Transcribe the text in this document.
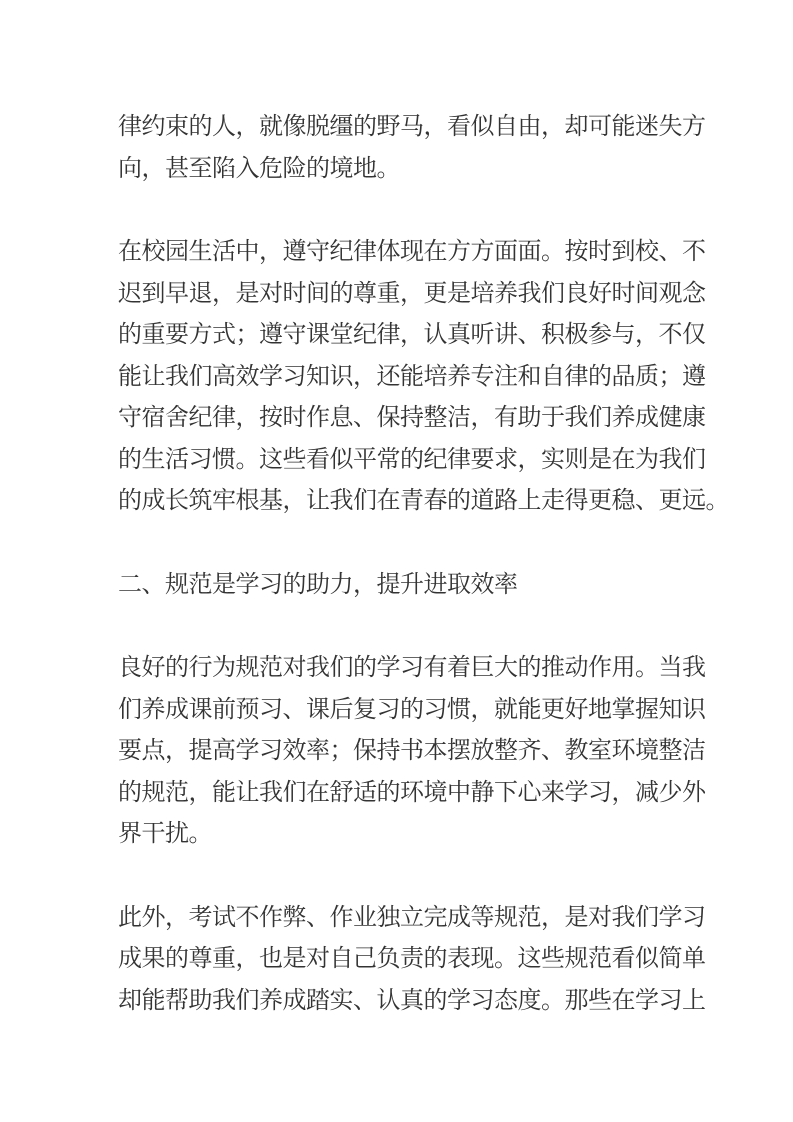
律约束的人，就像脱缰的野马，看似自由，却可能迷失方
向，甚至陷入危险的境地。
在校园生活中，遵守纪律体现在方方面面。按时到校、不
迟到早退，是对时间的尊重，更是培养我们良好时间观念
的重要方式；遵守课堂纪律，认真听讲、积极参与，不仅
能让我们高效学习知识，还能培养专注和自律的品质；遵
守宿舍纪律，按时作息、保持整洁，有助于我们养成健康
的生活习惯。这些看似平常的纪律要求，实则是在为我们
的成长筑牢根基，让我们在青春的道路上走得更稳、更远。
二、规范是学习的助力，提升进取效率
良好的行为规范对我们的学习有着巨大的推动作用。当我
们养成课前预习、课后复习的习惯，就能更好地掌握知识
要点，提高学习效率；保持书本摆放整齐、教室环境整洁
的规范，能让我们在舒适的环境中静下心来学习，减少外
界干扰。
此外，考试不作弊、作业独立完成等规范，是对我们学习
成果的尊重，也是对自己负责的表现。这些规范看似简单
却能帮助我们养成踏实、认真的学习态度。那些在学习上
